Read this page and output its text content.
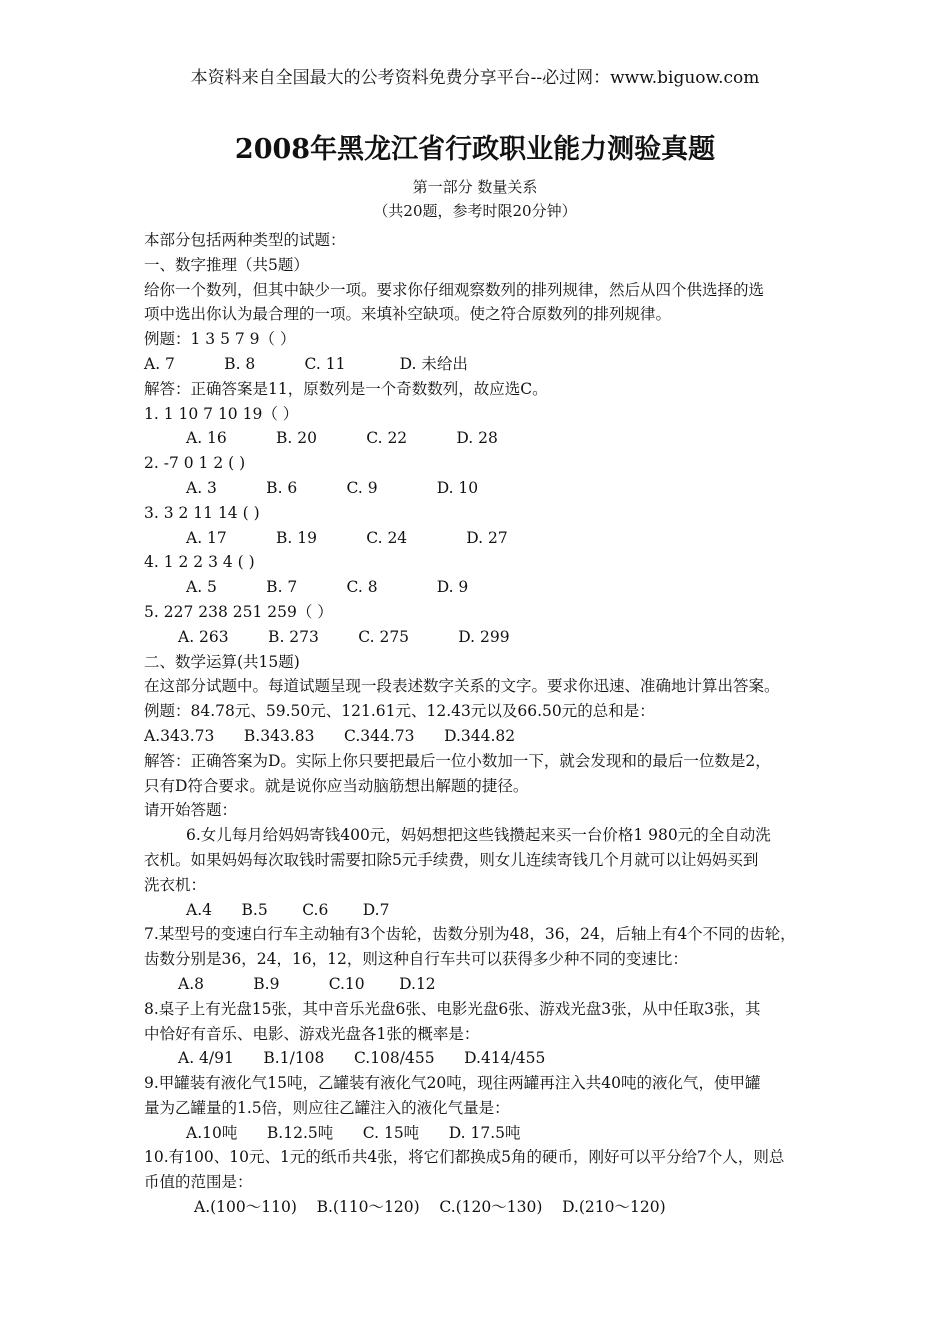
本资料来自全国最大的公考资料免费分享平台--必过网：www.biguow.com
2008年黑龙江省行政职业能力测验真题
第一部分 数量关系
（共20题，参考时限20分钟）
本部分包括两种类型的试题：
一、数字推理（共5题）
给你一个数列，但其中缺少一项。要求你仔细观察数列的排列规律，然后从四个供选择的选
项中选出你认为最合理的一项。来填补空缺项。使之符合原数列的排列规律。
例题：1 3 5 7 9（ ）
A. 7          B. 8          C. 11           D. 未给出
解答：正确答案是11，原数列是一个奇数数列，故应选C。
1. 1 10 7 10 19（ ）
A. 16          B. 20          C. 22          D. 28
2. -7 0 1 2 ( )
A. 3          B. 6          C. 9            D. 10
3. 3 2 11 14 ( )
A. 17          B. 19          C. 24            D. 27
4. 1 2 2 3 4 ( )
A. 5          B. 7          C. 8            D. 9
5. 227 238 251 259（ ）
A. 263        B. 273        C. 275          D. 299
二、数学运算(共15题)
在这部分试题中。每道试题呈现一段表述数字关系的文字。要求你迅速、准确地计算出答案。
例题：84.78元、59.50元、121.61元、12.43元以及66.50元的总和是：
A.343.73      B.343.83      C.344.73      D.344.82
解答：正确答案为D。实际上你只要把最后一位小数加一下，就会发现和的最后一位数是2，
只有D符合要求。就是说你应当动脑筋想出解题的捷径。
请开始答题：
6.女儿每月给妈妈寄钱400元，妈妈想把这些钱攒起来买一台价格1 980元的全自动洗
衣机。如果妈妈每次取钱时需要扣除5元手续费，则女儿连续寄钱几个月就可以让妈妈买到
洗衣机：
A.4      B.5       C.6       D.7
7.某型号的变速白行车主动轴有3个齿轮，齿数分别为48，36，24，后轴上有4个不同的齿轮，
齿数分别是36，24，16，12，则这种自行车共可以获得多少种不同的变速比：
A.8          B.9          C.10       D.12
8.桌子上有光盘15张，其中音乐光盘6张、电影光盘6张、游戏光盘3张，从中任取3张，其
中恰好有音乐、电影、游戏光盘各1张的概率是：
A. 4/91      B.1/108      C.108/455      D.414/455
9.甲罐装有液化气15吨，乙罐装有液化气20吨，现往两罐再注入共40吨的液化气，使甲罐
量为乙罐量的1.5倍，则应往乙罐注入的液化气量是：
A.10吨      B.12.5吨      C. 15吨      D. 17.5吨
10.有100、10元、1元的纸币共4张，将它们都换成5角的硬币，刚好可以平分给7个人，则总
币值的范围是：
A.(100～110)    B.(110～120)    C.(120～130)    D.(210～120)
